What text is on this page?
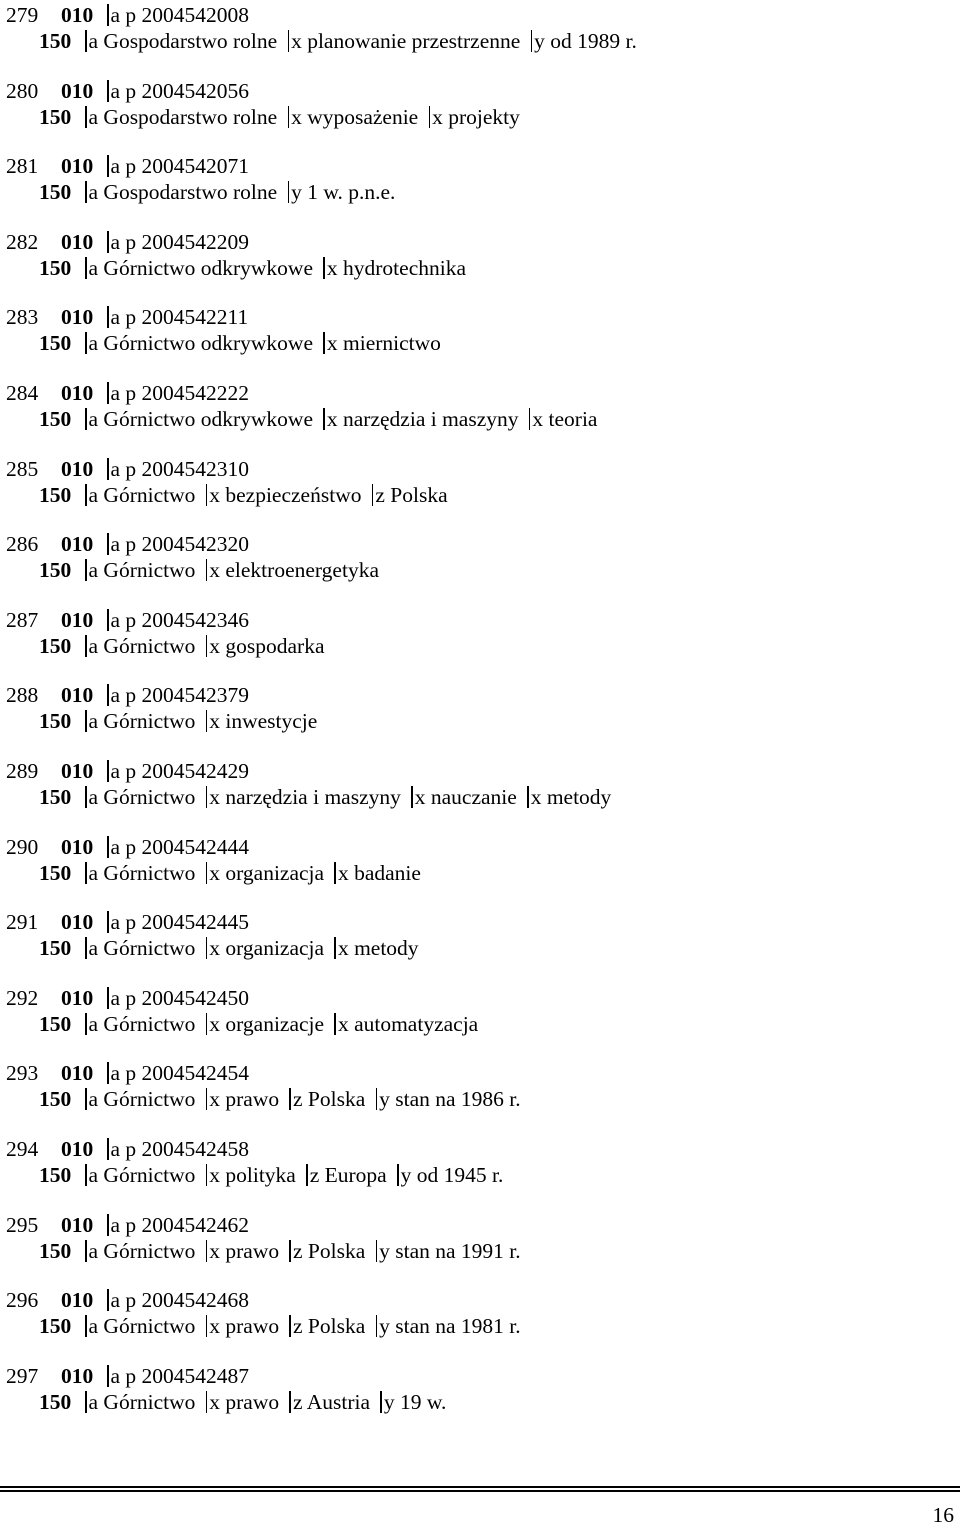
279 010 a p 2004542008
150 a Gospodarstwo rolne x planowanie przestrzenne y od 1989 r.
280 010 a p 2004542056
150 a Gospodarstwo rolne x wyposażenie x projekty
281 010 a p 2004542071
150 a Gospodarstwo rolne y 1 w. p.n.e.
282 010 a p 2004542209
150 a Górnictwo odkrywkowe x hydrotechnika
283 010 a p 2004542211
150 a Górnictwo odkrywkowe x miernictwo
284 010 a p 2004542222
150 a Górnictwo odkrywkowe x narzędzia i maszyny x teoria
285 010 a p 2004542310
150 a Górnictwo x bezpieczeństwo z Polska
286 010 a p 2004542320
150 a Górnictwo x elektroenergetyka
287 010 a p 2004542346
150 a Górnictwo x gospodarka
288 010 a p 2004542379
150 a Górnictwo x inwestycje
289 010 a p 2004542429
150 a Górnictwo x narzędzia i maszyny x nauczanie x metody
290 010 a p 2004542444
150 a Górnictwo x organizacja x badanie
291 010 a p 2004542445
150 a Górnictwo x organizacja x metody
292 010 a p 2004542450
150 a Górnictwo x organizacje x automatyzacja
293 010 a p 2004542454
150 a Górnictwo x prawo z Polska y stan na 1986 r.
294 010 a p 2004542458
150 a Górnictwo x polityka z Europa y od 1945 r.
295 010 a p 2004542462
150 a Górnictwo x prawo z Polska y stan na 1991 r.
296 010 a p 2004542468
150 a Górnictwo x prawo z Polska y stan na 1981 r.
297 010 a p 2004542487
150 a Górnictwo x prawo z Austria y 19 w.
16
